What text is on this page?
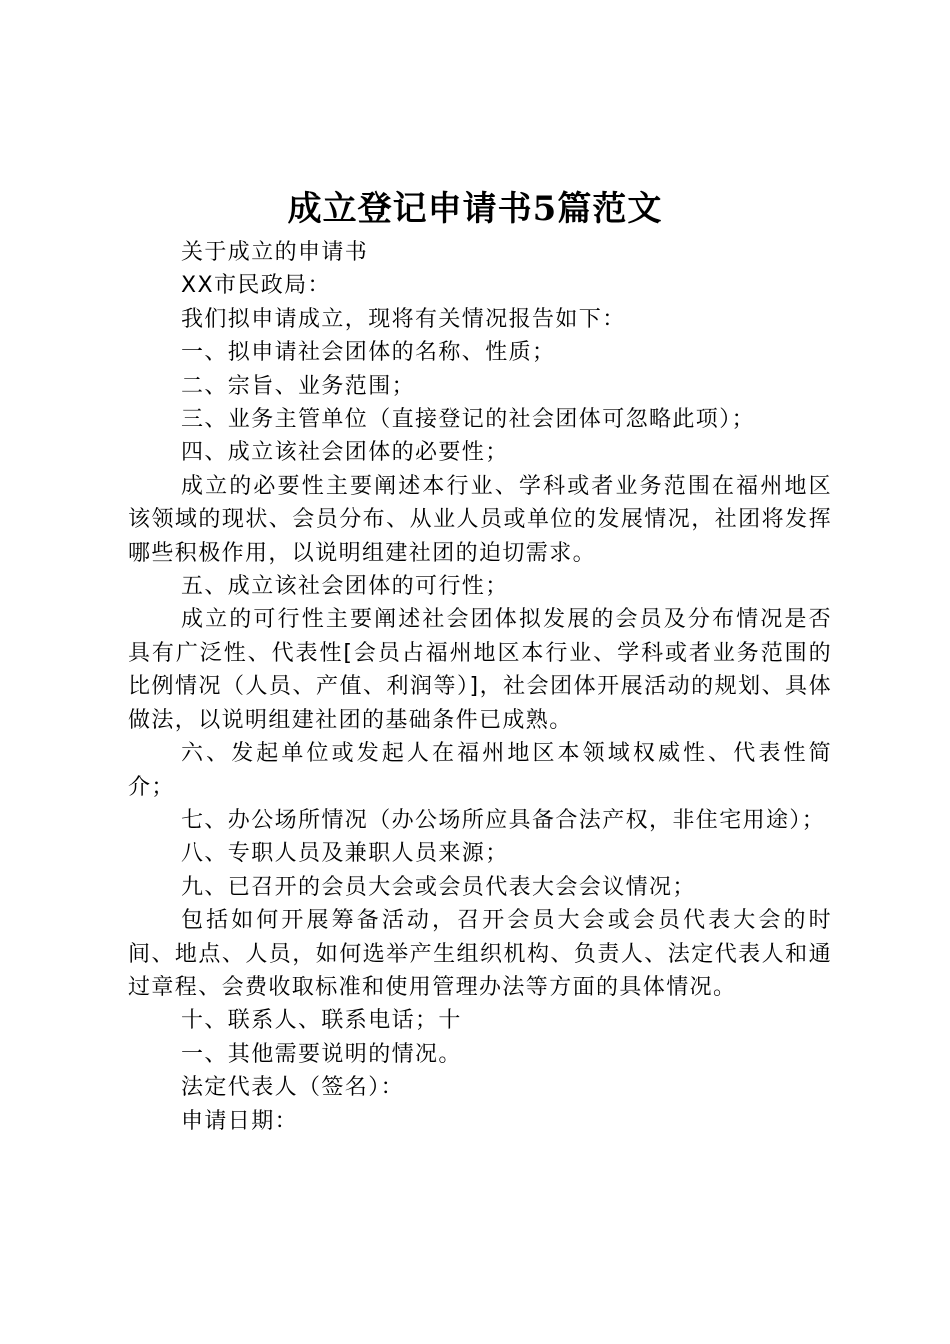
成立登记申请书5篇范文

关于成立的申请书

XX市民政局：

我们拟申请成立，现将有关情况报告如下：

一、拟申请社会团体的名称、性质；

二、宗旨、业务范围；

三、业务主管单位（直接登记的社会团体可忽略此项）；

四、成立该社会团体的必要性；

成立的必要性主要阐述本行业、学科或者业务范围在福州地区该领域的现状、会员分布、从业人员或单位的发展情况，社团将发挥哪些积极作用，以说明组建社团的迫切需求。

五、成立该社会团体的可行性；

成立的可行性主要阐述社会团体拟发展的会员及分布情况是否具有广泛性、代表性[会员占福州地区本行业、学科或者业务范围的比例情况（人员、产值、利润等）]，社会团体开展活动的规划、具体做法，以说明组建社团的基础条件已成熟。

六、发起单位或发起人在福州地区本领域权威性、代表性简介；

七、办公场所情况（办公场所应具备合法产权，非住宅用途）；

八、专职人员及兼职人员来源；

九、已召开的会员大会或会员代表大会会议情况；

包括如何开展筹备活动，召开会员大会或会员代表大会的时间、地点、人员，如何选举产生组织机构、负责人、法定代表人和通过章程、会费收取标准和使用管理办法等方面的具体情况。

十、联系人、联系电话；十

一、其他需要说明的情况。

法定代表人（签名）：

申请日期：
